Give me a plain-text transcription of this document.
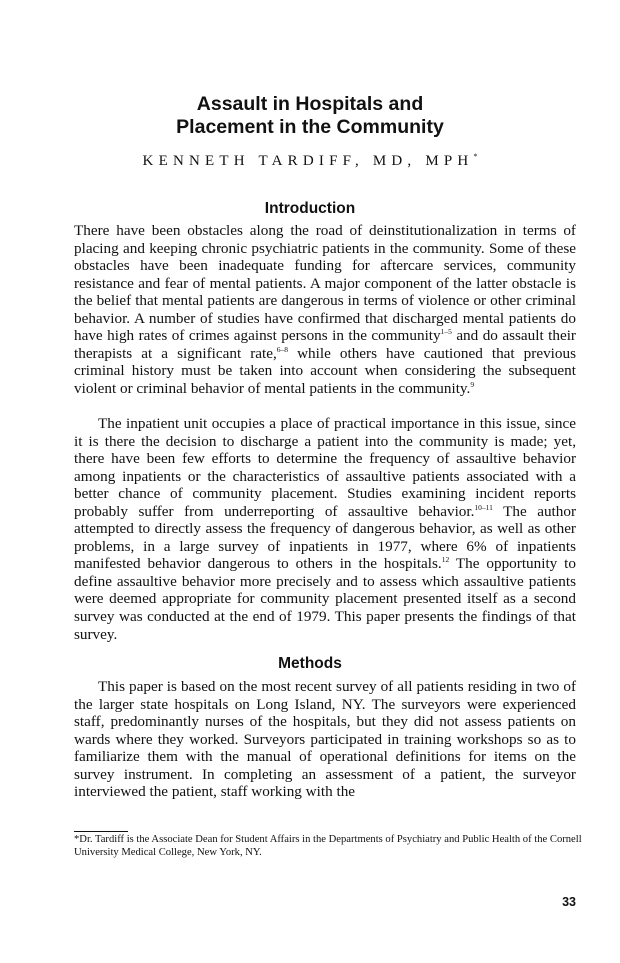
Assault in Hospitals and
Placement in the Community

KENNETH TARDIFF, MD, MPH*

Introduction

There have been obstacles along the road of deinstitutionalization in terms of placing and keeping chronic psychiatric patients in the community. Some of these obstacles have been inadequate funding for aftercare services, community resistance and fear of mental patients. A major component of the latter obstacle is the belief that mental patients are dangerous in terms of violence or other criminal behavior. A number of studies have confirmed that discharged mental patients do have high rates of crimes against persons in the community$^{1-5}$ and do assault their therapists at a significant rate,$^{6-8}$ while others have cautioned that previous criminal history must be taken into account when considering the subsequent violent or criminal behavior of mental patients in the community.$^9$

The inpatient unit occupies a place of practical importance in this issue, since it is there the decision to discharge a patient into the community is made; yet, there have been few efforts to determine the frequency of assaultive behavior among inpatients or the characteristics of assaultive patients associated with a better chance of community placement. Studies examining incident reports probably suffer from underreporting of assaultive behavior.$^{10-11}$ The author attempted to directly assess the frequency of dangerous behavior, as well as other problems, in a large survey of inpatients in 1977, where 6% of inpatients manifested behavior dangerous to others in the hospitals.$^{12}$ The opportunity to define assaultive behavior more precisely and to assess which assaultive patients were deemed appropriate for community placement presented itself as a second survey was conducted at the end of 1979. This paper presents the findings of that survey.

Methods

This paper is based on the most recent survey of all patients residing in two of the larger state hospitals on Long Island, NY. The surveyors were experienced staff, predominantly nurses of the hospitals, but they did not assess patients on wards where they worked. Surveyors participated in training workshops so as to familiarize them with the manual of operational definitions for items on the survey instrument. In completing an assessment of a patient, the surveyor interviewed the patient, staff working with the

*Dr. Tardiff is the Associate Dean for Student Affairs in the Departments of Psychiatry and Public Health of the Cornell University Medical College, New York, NY.

33
